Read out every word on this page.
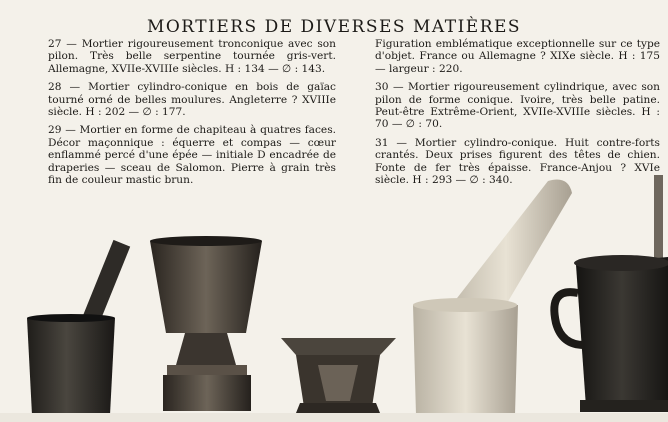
MORTIERS DE DIVERSES MATIÈRES

27 — Mortier rigoureusement tronconique avec son pilon. Très belle serpentine tournée gris-vert. Allemagne, XVIIe-XVIIIe siècles. H : 134 — ∅ : 143.

28 — Mortier cylindro-conique en bois de gaïac tourné orné de belles moulures. Angleterre ? XVIIIe siècle. H : 202 — ∅ : 177.

29 — Mortier en forme de chapiteau à quatres faces. Décor maçonnique : équerre et compas — cœur enflammé percé d'une épée — initiale D encadrée de draperies — sceau de Salomon. Pierre à grain très fin de couleur mastic brun.

Figuration emblématique exceptionnelle sur ce type d'objet. France ou Allemagne ? XIXe siècle. H : 175 — largeur : 220.

30 — Mortier rigoureusement cylindrique, avec son pilon de forme conique. Ivoire, très belle patine. Peut-être Extrême-Orient, XVIIe-XVIIIe siècles. H : 70 — ∅ : 70.

31 — Mortier cylindro-conique. Huit contre-forts crantés. Deux prises figurent des têtes de chien. Fonte de fer très épaisse. France-Anjou ? XVIe siècle. H : 293 — ∅ : 340.
